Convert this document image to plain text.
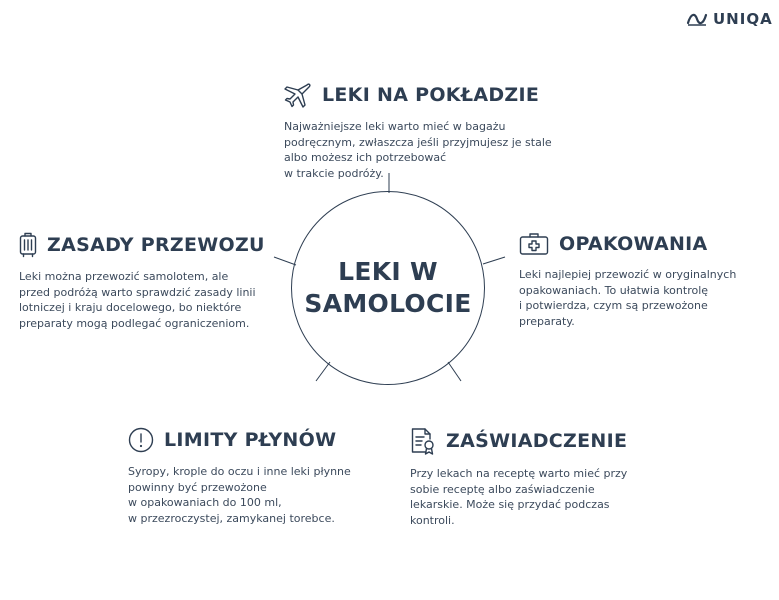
UNIQA
LEKI W
SAMOLOCIE
LEKI NA POKŁADZIE
Najważniejsze leki warto mieć w bagażu
podręcznym, zwłaszcza jeśli przyjmujesz je stale
albo możesz ich potrzebować
w trakcie podróży.
ZASADY PRZEWOZU
Leki można przewozić samolotem, ale
przed podróżą warto sprawdzić zasady linii
lotniczej i kraju docelowego, bo niektóre
preparaty mogą podlegać ograniczeniom.
OPAKOWANIA
Leki najlepiej przewozić w oryginalnych
opakowaniach. To ułatwia kontrolę
i potwierdza, czym są przewożone
preparaty.
LIMITY PŁYNÓW
Syropy, krople do oczu i inne leki płynne
powinny być przewożone
w opakowaniach do 100 ml,
w przezroczystej, zamykanej torebce.
ZAŚWIADCZENIE
Przy lekach na receptę warto mieć przy
sobie receptę albo zaświadczenie
lekarskie. Może się przydać podczas
kontroli.
